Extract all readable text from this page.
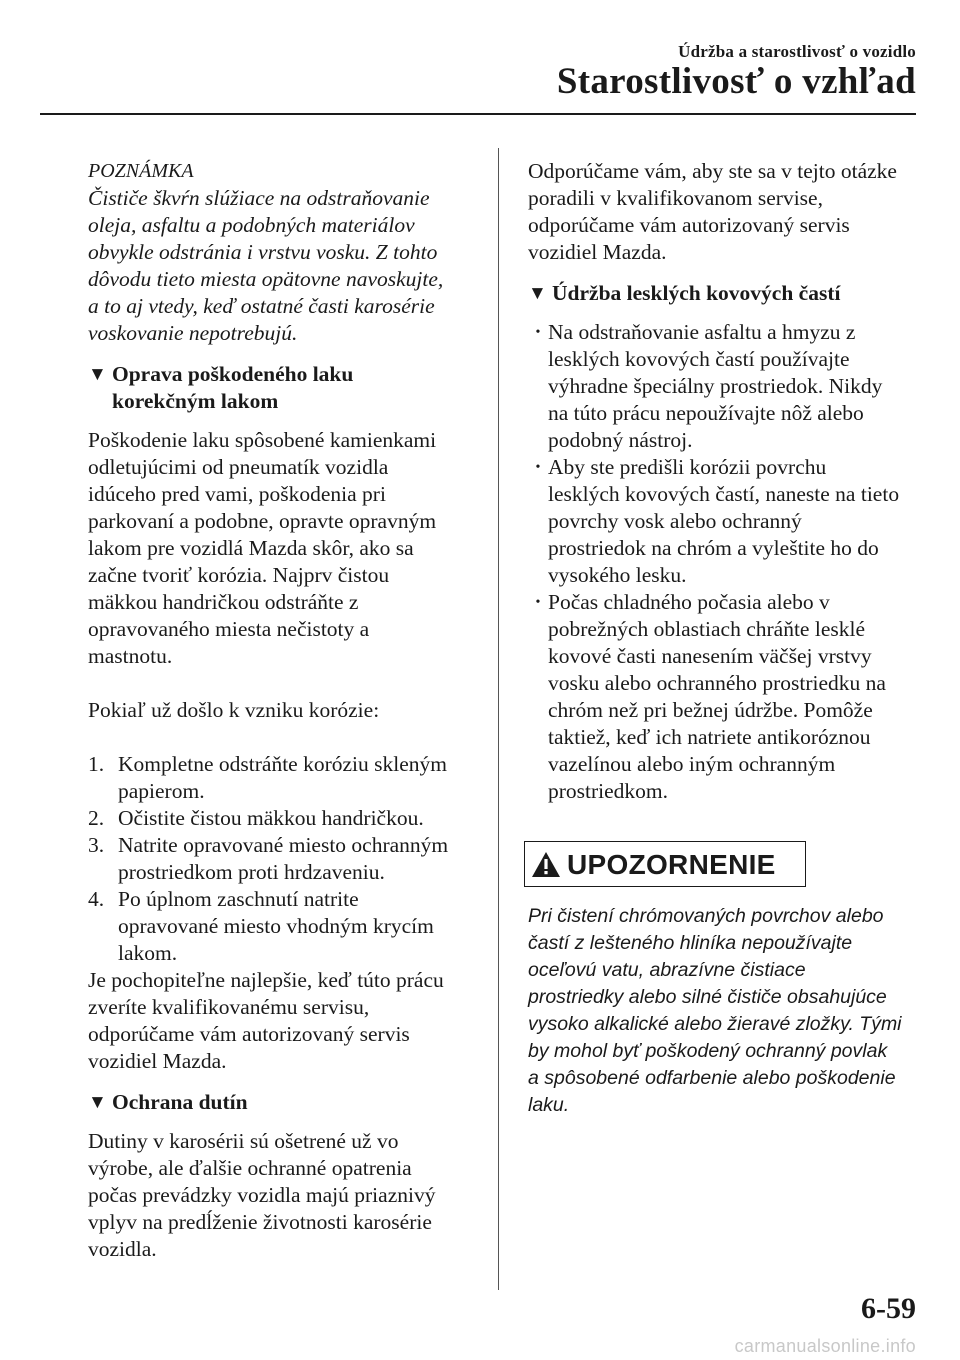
Údržba a starostlivosť o vozidlo
Starostlivosť o vzhľad
POZNÁMKA
Čističe škvŕn slúžiace na odstraňovanie
oleja, asfaltu a podobných materiálov
obvykle odstránia i vrstvu vosku. Z tohto
dôvodu tieto miesta opätovne navoskujte,
a to aj vtedy, keď ostatné časti karosérie
voskovanie nepotrebujú.
▼ Oprava poškodeného laku
korekčným lakom

Poškodenie laku spôsobené kamienkami
odletujúcimi od pneumatík vozidla
idúceho pred vami, poškodenia pri
parkovaní a podobne, opravte opravným
lakom pre vozidlá Mazda skôr, ako sa
začne tvoriť korózia. Najprv čistou
mäkkou handričkou odstráňte z
opravovaného miesta nečistoty a
mastnotu.

Pokiaľ už došlo k vzniku korózie:

1. Kompletne odstráňte koróziu skleným
papierom.
2. Očistite čistou mäkkou handričkou.
3. Natrite opravované miesto ochranným
prostriedkom proti hrdzaveniu.
4. Po úplnom zaschnutí natrite
opravované miesto vhodným krycím
lakom.

Je pochopiteľne najlepšie, keď túto prácu
zveríte kvalifikovanému servisu,
odporúčame vám autorizovaný servis
vozidiel Mazda.

▼ Ochrana dutín

Dutiny v karosérii sú ošetrené už vo
výrobe, ale ďalšie ochranné opatrenia
počas prevádzky vozidla majú priaznivý
vplyv na predĺženie životnosti karosérie
vozidla.

Odporúčame vám, aby ste sa v tejto otázke
poradili v kvalifikovanom servise,
odporúčame vám autorizovaný servis
vozidiel Mazda.

▼ Údržba lesklých kovových častí
• Na odstraňovanie asfaltu a hmyzu z
lesklých kovových častí používajte
výhradne špeciálny prostriedok. Nikdy
na túto prácu nepoužívajte nôž alebo
podobný nástroj.
• Aby ste predišli korózii povrchu
lesklých kovových častí, naneste na tieto
povrchy vosk alebo ochranný
prostriedok na chróm a vyleštite ho do
vysokého lesku.
• Počas chladného počasia alebo v
pobrežných oblastiach chráňte lesklé
kovové časti nanesením väčšej vrstvy
vosku alebo ochranného prostriedku na
chróm než pri bežnej údržbe. Pomôže
taktiež, keď ich natriete antikoróznou
vazelínou alebo iným ochranným
prostriedkom.
UPOZORNENIE
Pri čistení chrómovaných povrchov alebo
častí z lešteného hliníka nepoužívajte
oceľovú vatu, abrazívne čistiace
prostriedky alebo silné čističe obsahujúce
vysoko alkalické alebo žieravé zložky. Tými
by mohol byť poškodený ochranný povlak
a spôsobené odfarbenie alebo poškodenie
laku.
6-59
carmanualsonline.info
